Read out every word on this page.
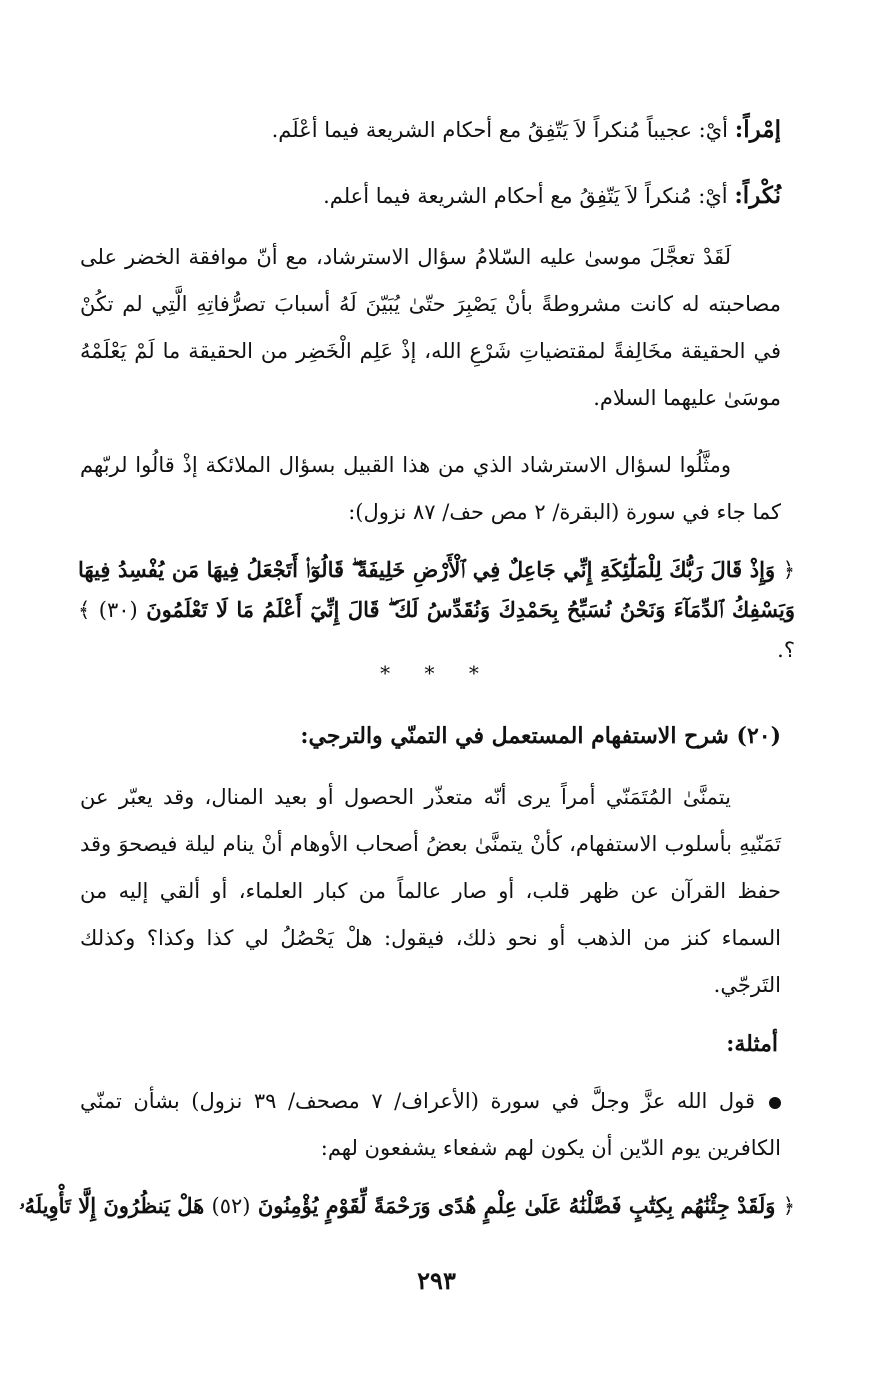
إمْراً: أيْ: عجيباً مُنكراً لاَ يَتّفِقُ مع أحكام الشريعة فيما أعْلَم.
نُكْراً: أيْ: مُنكراً لاَ يَتّفِقُ مع أحكام الشريعة فيما أعلم.

لَقَدْ تعجَّلَ موسىٰ عليه السّلامُ سؤال الاسترشاد، مع أنّ موافقة الخضر على مصاحبته له كانت مشروطةً بأنْ يَصْبِرَ حتّىٰ يُبَيّنَ لَهُ أسبابَ تصرُّفاتِهِ الَّتِي لم تكُنْ في الحقيقة مخَالِفةً لمقتضياتِ شَرْعِ الله، إذْ عَلِم الْخَضِر من الحقيقة ما لَمْ يَعْلَمْهُ موسَىٰ عليهما السلام.

ومثَّلُوا لسؤال الاسترشاد الذي من هذا القبيل بسؤال الملائكة إذْ قالُوا لربّهم كما جاء في سورة (البقرة/ ٢ مص حف/ ٨٧ نزول):

﴿ وَإِذْ قَالَ رَبُّكَ لِلْمَلَٰٓئِكَةِ إِنِّي جَاعِلٌ فِي ٱلْأَرْضِ خَلِيفَةً ۖ قَالُوٓا۟ أَتَجْعَلُ فِيهَا مَن يُفْسِدُ فِيهَا وَيَسْفِكُ ٱلدِّمَآءَ وَنَحْنُ نُسَبِّحُ بِحَمْدِكَ وَنُقَدِّسُ لَكَ ۖ قَالَ إِنِّيٓ أَعْلَمُ مَا لَا تَعْلَمُونَ (٣٠) ﴾ ؟.
* * *
(٢٠) شرح الاستفهام المستعمل في التمنّي والترجي:

يتمنَّىٰ المُتَمَنّي أمراً يرى أنّه متعذّر الحصول أو بعيد المنال، وقد يعبّر عن تَمَنّيهِ بأسلوب الاستفهام، كأنْ يتمنَّىٰ بعضُ أصحاب الأوهام أنْ ينام ليلة فيصحوَ وقد حفظ القرآن عن ظهر قلب، أو صار عالماً من كبار العلماء، أو ألقي إليه من السماء كنز من الذهب أو نحو ذلك، فيقول: هلْ يَحْصُلُ لي كذا وكذا؟ وكذلك التَرجّي.

أمثلة:
قول الله عزَّ وجلَّ في سورة (الأعراف/ ٧ مصحف/ ٣٩ نزول) بشأن تمنّي الكافرين يوم الدّين أن يكون لهم شفعاء يشفعون لهم:
﴿ وَلَقَدْ جِئْنَٰهُم بِكِتَٰبٍ فَصَّلْنَٰهُ عَلَىٰ عِلْمٍ هُدًى وَرَحْمَةً لِّقَوْمٍ يُؤْمِنُونَ (٥٢) هَلْ يَنظُرُونَ إِلَّا تَأْوِيلَهُۥ
٢٩٣
